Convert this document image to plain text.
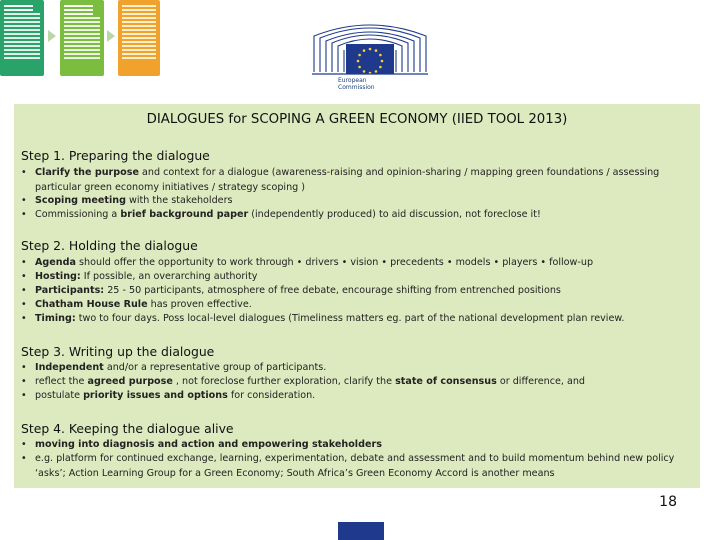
European
Commission
DIALOGUES for SCOPING A GREEN ECONOMY (IIED TOOL 2013)
Step 1. Preparing the dialogue
• Clarify the purpose and context for a dialogue (awareness-raising and opinion-sharing / mapping green foundations / assessing particular green economy initiatives / strategy scoping )
• Scoping meeting with the stakeholders
• Commissioning a brief background paper (independently produced) to aid discussion, not foreclose it!
Step 2. Holding the dialogue
• Agenda should offer the opportunity to work through • drivers • vision • precedents • models • players • follow-up
• Hosting: If possible, an overarching authority
• Participants: 25 - 50 participants, atmosphere of free debate, encourage shifting from entrenched positions
• Chatham House Rule has proven effective.
• Timing: two to four days. Poss local-level dialogues (Timeliness matters eg. part of the national development plan review.
Step 3. Writing up the dialogue
• Independent and/or a representative group of participants.
• reflect the agreed purpose , not foreclose further exploration, clarify the state of consensus or difference, and
• postulate priority issues and options for consideration.
Step 4. Keeping the dialogue alive
• moving into diagnosis and action and empowering stakeholders
• e.g. platform for continued exchange, learning, experimentation, debate and assessment and to build momentum behind new policy ‘asks’; Action Learning Group for a Green Economy; South Africa’s Green Economy Accord is another means
18
